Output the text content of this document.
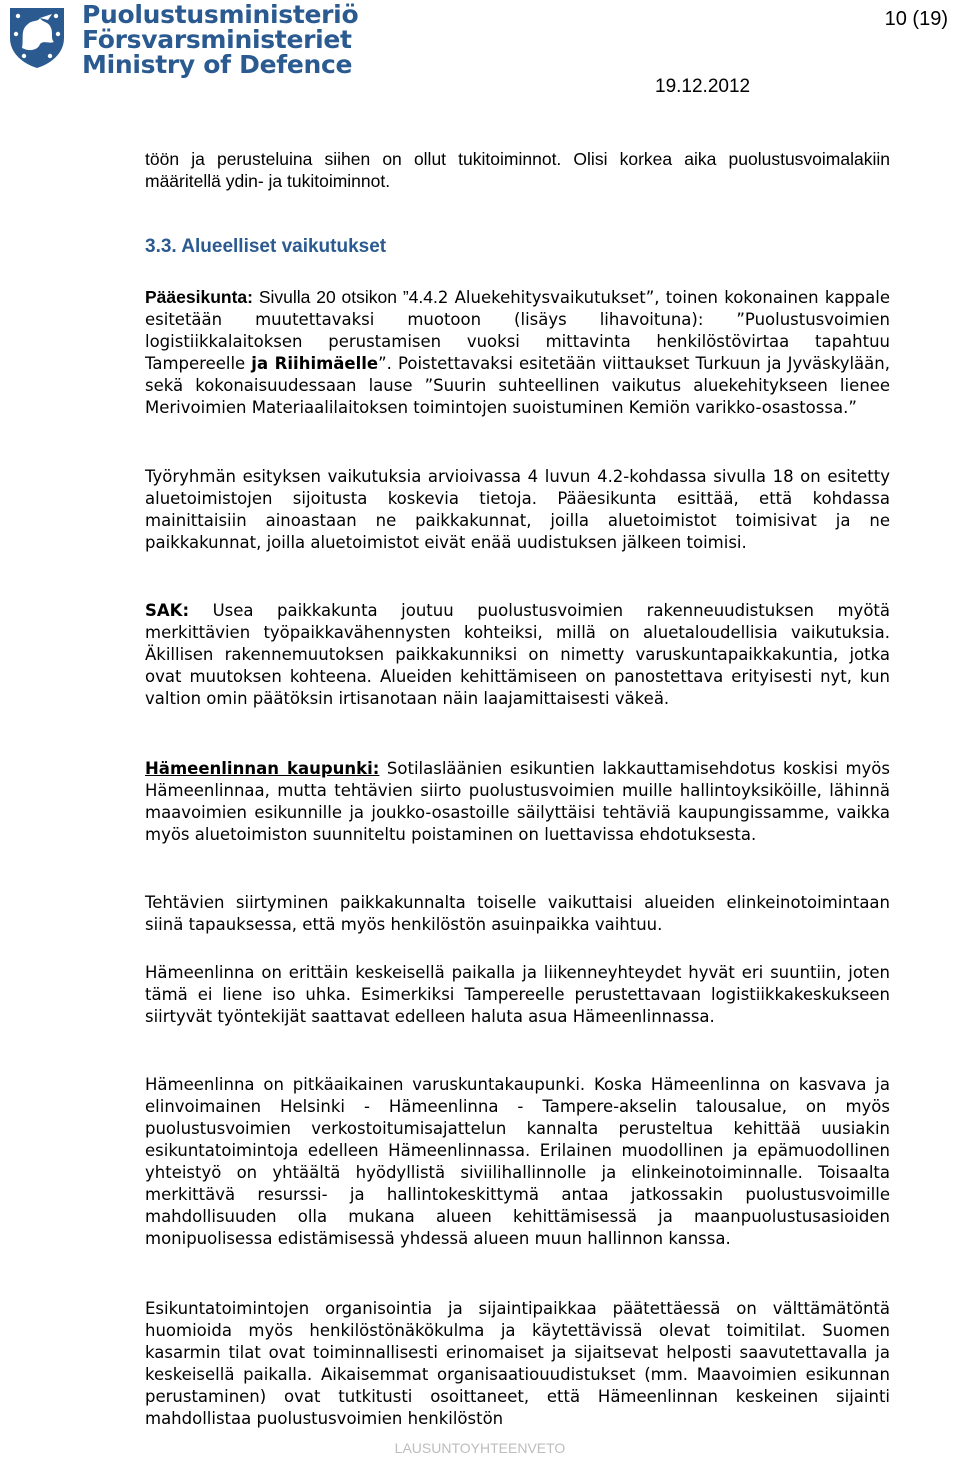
Puolustusministeriö
Försvarsministeriet
Ministry of Defence
10 (19)
19.12.2012

töön ja perusteluina siihen on ollut tukitoiminnot. Olisi korkea aika puolustusvoimalakiin määritellä ydin- ja tukitoiminnot.

3.3. Alueelliset vaikutukset

Pääesikunta: Sivulla 20 otsikon ”4.4.2 Aluekehitysvaikutukset”, toinen kokonainen kappale esitetään muutettavaksi muotoon (lisäys lihavoituna): ”Puolustusvoimien logistiikkalaitoksen perustamisen vuoksi mittavinta henkilöstövirtaa tapahtuu Tampereelle ja Riihimäelle”. Poistettavaksi esitetään viittaukset Turkuun ja Jyväskylään, sekä kokonaisuudessaan lause ”Suurin suhteellinen vaikutus aluekehitykseen lienee Merivoimien Materiaalilaitoksen toimintojen suoistuminen Kemiön varikko-osastossa.”

Työryhmän esityksen vaikutuksia arvioivassa 4 luvun 4.2-kohdassa sivulla 18 on esitetty aluetoimistojen sijoitusta koskevia tietoja. Pääesikunta esittää, että kohdassa mainittaisiin ainoastaan ne paikkakunnat, joilla aluetoimistot toimisivat ja ne paikkakunnat, joilla aluetoimistot eivät enää uudistuksen jälkeen toimisi.

SAK: Usea paikkakunta joutuu puolustusvoimien rakenneuudistuksen myötä merkittävien työpaikkavähennysten kohteiksi, millä on aluetaloudellisia vaikutuksia. Äkillisen rakennemuutoksen paikkakunniksi on nimetty varuskuntapaikkakuntia, jotka ovat muutoksen kohteena. Alueiden kehittämiseen on panostettava erityisesti nyt, kun valtion omin päätöksin irtisanotaan näin laajamittaisesti väkeä.

Hämeenlinnan kaupunki: Sotilasläänien esikuntien lakkauttamisehdotus koskisi myös Hämeenlinnaa, mutta tehtävien siirto puolustusvoimien muille hallintoyksiköille, lähinnä maavoimien esikunnille ja joukko-osastoille säilyttäisi tehtäviä kaupungissamme, vaikka myös aluetoimiston suunniteltu poistaminen on luettavissa ehdotuksesta.

Tehtävien siirtyminen paikkakunnalta toiselle vaikuttaisi alueiden elinkeinotoimintaan siinä tapauksessa, että myös henkilöstön asuinpaikka vaihtuu.

Hämeenlinna on erittäin keskeisellä paikalla ja liikenneyhteydet hyvät eri suuntiin, joten tämä ei liene iso uhka. Esimerkiksi Tampereelle perustettavaan logistiikkakeskukseen siirtyvät työntekijät saattavat edelleen haluta asua Hämeenlinnassa.

Hämeenlinna on pitkäaikainen varuskuntakaupunki. Koska Hämeenlinna on kasvava ja elinvoimainen Helsinki - Hämeenlinna - Tampere-akselin talousalue, on myös puolustusvoimien verkostoitumisajattelun kannalta perusteltua kehittää uusiakin esikuntatoimintoja edelleen Hämeenlinnassa. Erilainen muodollinen ja epämuodollinen yhteistyö on yhtäältä hyödyllistä siviilihallinnolle ja elinkeinotoiminnalle. Toisaalta merkittävä resurssi- ja hallintokeskittymä antaa jatkossakin puolustusvoimille mahdollisuuden olla mukana alueen kehittämisessä ja maanpuolustusasioiden monipuolisessa edistämisessä yhdessä alueen muun hallinnon kanssa.

Esikuntatoimintojen organisointia ja sijaintipaikkaa päätettäessä on välttämätöntä huomioida myös henkilöstönäkökulma ja käytettävissä olevat toimitilat. Suomen kasarmin tilat ovat toiminnallisesti erinomaiset ja sijaitsevat helposti saavutettavalla ja keskeisellä paikalla. Aikaisemmat organisaatiouudistukset (mm. Maavoimien esikunnan perustaminen) ovat tutkitusti osoittaneet, että Hämeenlinnan keskeinen sijainti mahdollistaa puolustusvoimien henkilöstön

LAUSUNTOYHTEENVETO
